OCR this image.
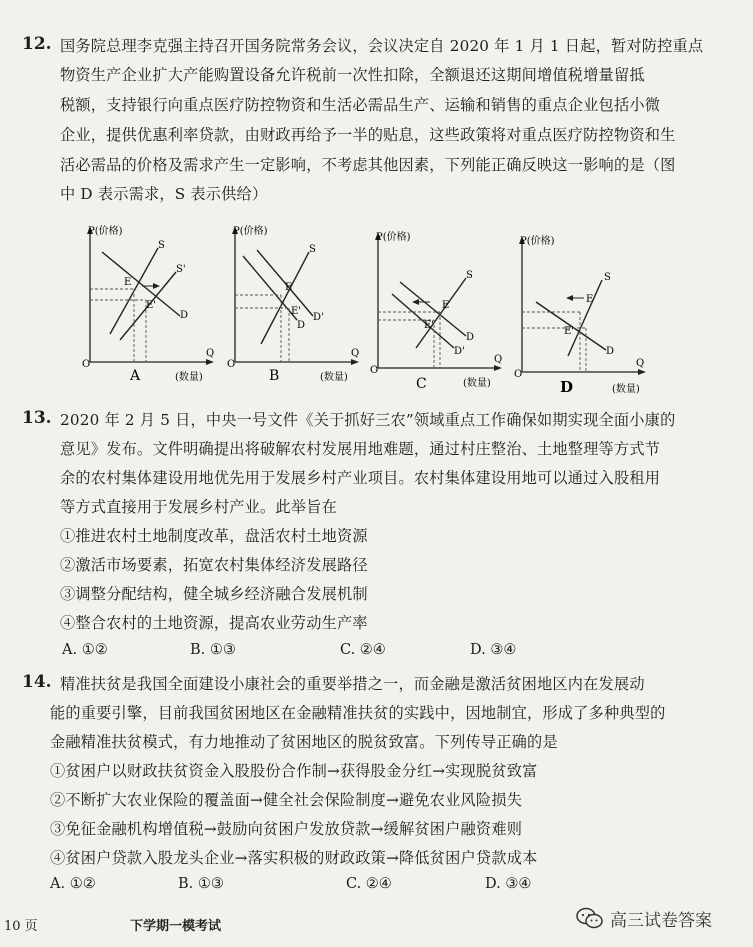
12. 国务院总理李克强主持召开国务院常务会议，会议决定自 2020 年 1 月 1 日起，暂对防控重点
物资生产企业扩大产能购置设备允许税前一次性扣除，全额退还这期间增值税增量留抵
税额，支持银行向重点医疗防控物资和生活必需品生产、运输和销售的重点企业包括小微
企业，提供优惠利率贷款，由财政再给予一半的贴息，这些政策将对重点医疗防控物资和生
活必需品的价格及需求产生一定影响，不考虑其他因素，下列能正确反映这一影响的是（图
中 D 表示需求，S 表示供给）
P(价格)
O
Q
(数量)
S
S'
D
E
E'
A
P(价格)
O
Q
(数量)
S
D
D'
E
E'
B
P(价格)
O
Q
(数量)
S
D
D'
E
E'
C
P(价格)
O
Q
(数量)
S
D
E
E'
D
13. 2020 年 2 月 5 日，中央一号文件《关于抓好三农”领域重点工作确保如期实现全面小康的
意见》发布。文件明确提出将破解农村发展用地难题，通过村庄整治、土地整理等方式节
余的农村集体建设用地优先用于发展乡村产业项目。农村集体建设用地可以通过入股租用
等方式直接用于发展乡村产业。此举旨在
①推进农村土地制度改革，盘活农村土地资源
②激活市场要素，拓宽农村集体经济发展路径
③调整分配结构，健全城乡经济融合发展机制
④整合农村的土地资源，提高农业劳动生产率
A. ①②	B. ①③	C. ②④	D. ③④
14. 精准扶贫是我国全面建设小康社会的重要举措之一，而金融是激活贫困地区内在发展动
能的重要引擎，目前我国贫困地区在金融精准扶贫的实践中，因地制宜，形成了多种典型的
金融精准扶贫模式，有力地推动了贫困地区的脱贫致富。下列传导正确的是
①贫困户以财政扶贫资金入股股份合作制→获得股金分红→实现脱贫致富
②不断扩大农业保险的覆盖面→健全社会保险制度→避免农业风险损失
③免征金融机构增值税→鼓励向贫困户发放贷款→缓解贫困户融资难则
④贫困户贷款入股龙头企业→落实积极的财政政策→降低贫困户贷款成本
A. ①②	B. ①③	C. ②④	D. ③④
10 页	下学期一模考试	高三试卷答案
